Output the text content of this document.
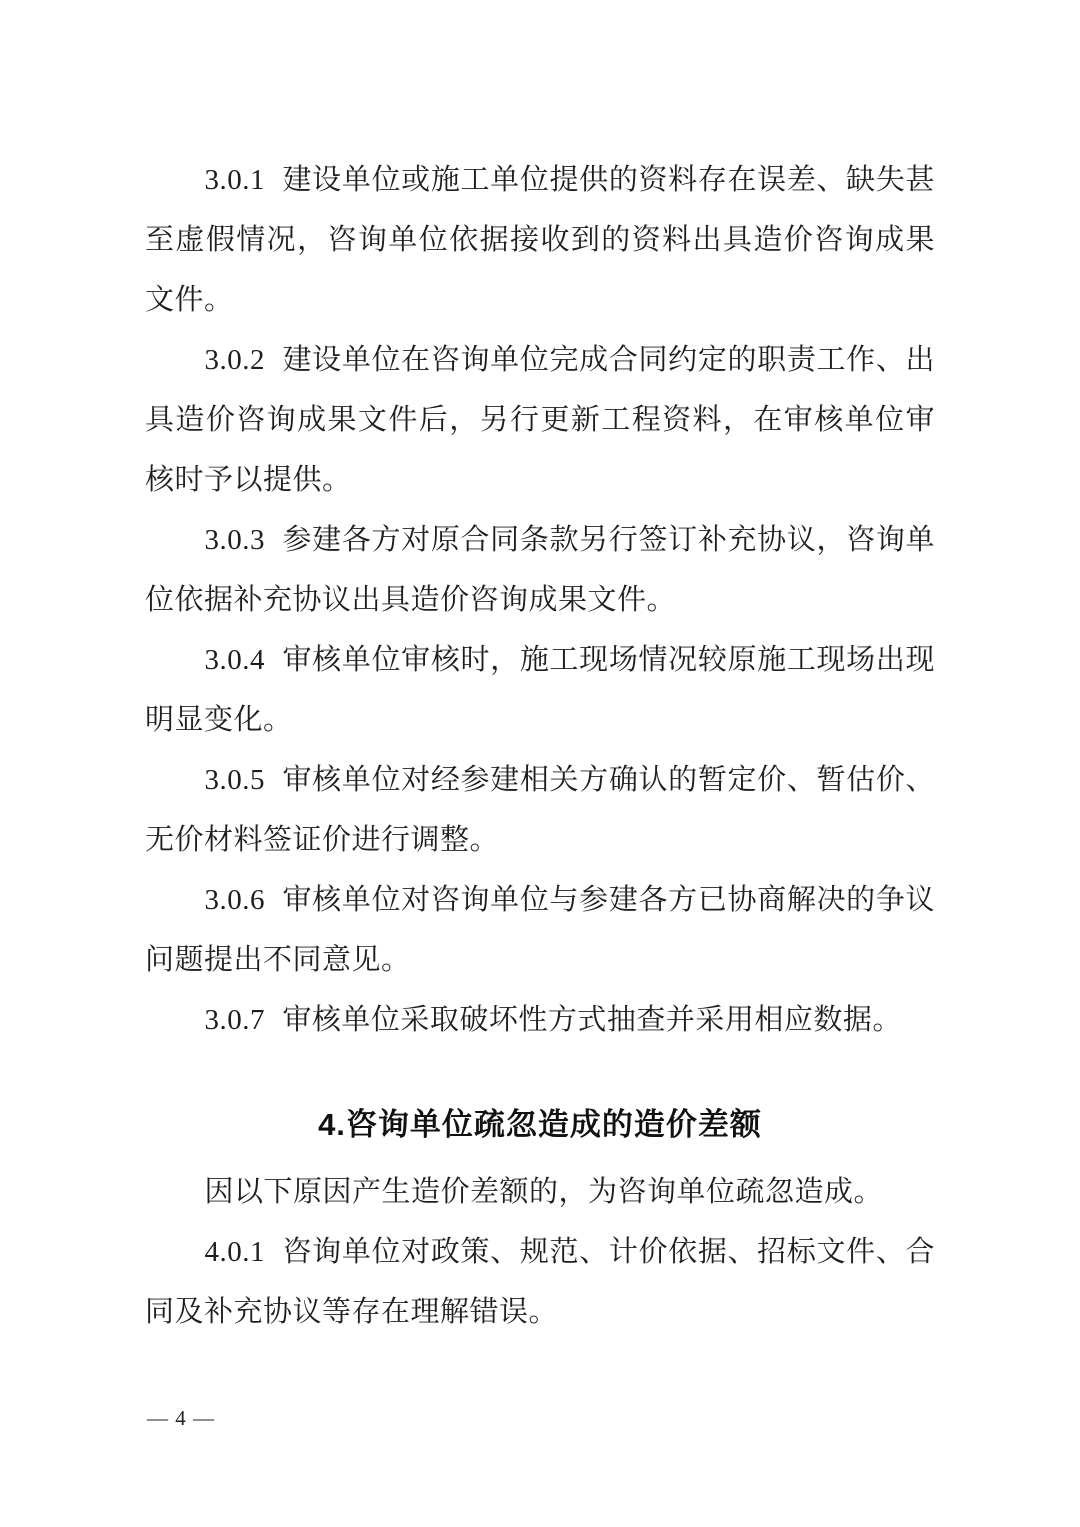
3.0.1 建设单位或施工单位提供的资料存在误差、缺失甚至虚假情况，咨询单位依据接收到的资料出具造价咨询成果文件。

3.0.2 建设单位在咨询单位完成合同约定的职责工作、出具造价咨询成果文件后，另行更新工程资料，在审核单位审核时予以提供。

3.0.3 参建各方对原合同条款另行签订补充协议，咨询单位依据补充协议出具造价咨询成果文件。

3.0.4 审核单位审核时，施工现场情况较原施工现场出现明显变化。

3.0.5 审核单位对经参建相关方确认的暂定价、暂估价、无价材料签证价进行调整。

3.0.6 审核单位对咨询单位与参建各方已协商解决的争议问题提出不同意见。

3.0.7 审核单位采取破坏性方式抽查并采用相应数据。

4.咨询单位疏忽造成的造价差额

因以下原因产生造价差额的，为咨询单位疏忽造成。

4.0.1 咨询单位对政策、规范、计价依据、招标文件、合同及补充协议等存在理解错误。

— 4 —
